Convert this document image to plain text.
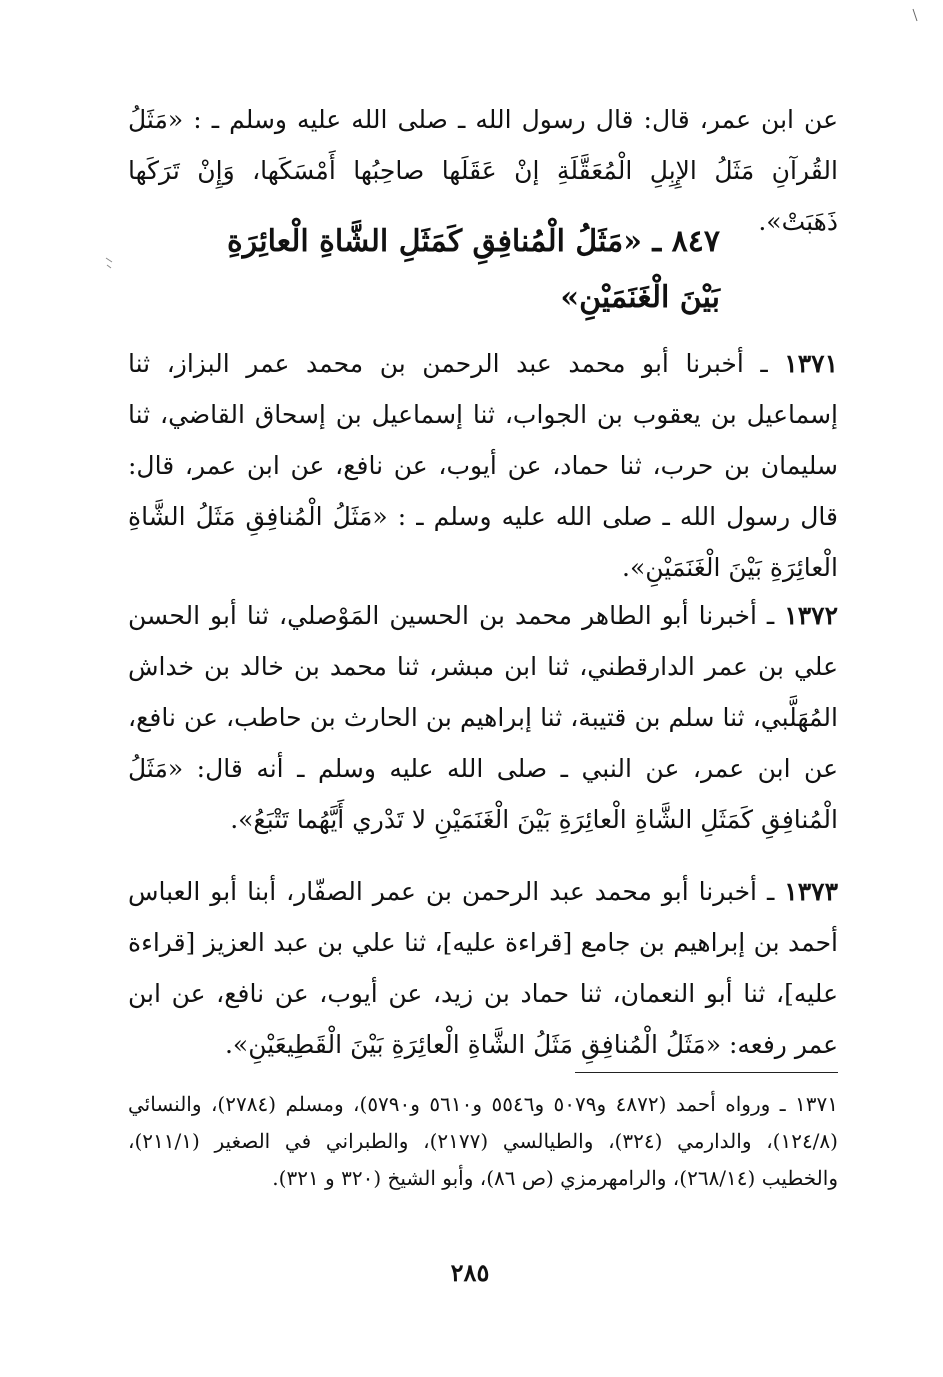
عن ابن عمر، قال: قال رسول الله ـ صلى الله عليه وسلم ـ : «مَثَلُ القُرآنِ مَثَلُ الإِبِلِ الْمُعَقَّلَةِ إنْ عَقَلَها صاحِبُها أَمْسَكَها، وَإِنْ تَرَكَها ذَهَبَتْ».
٨٤٧ ـ «مَثَلُ الْمُنافِقِ كَمَثَلِ الشَّاةِ الْعائِرَةِ بَيْنَ الْغَنَمَيْنِ»
١٣٧١ ـ أخبرنا أبو محمد عبد الرحمن بن محمد عمر البزاز، ثنا إسماعيل بن يعقوب بن الجواب، ثنا إسماعيل بن إسحاق القاضي، ثنا سليمان بن حرب، ثنا حماد، عن أيوب، عن نافع، عن ابن عمر، قال: قال رسول الله ـ صلى الله عليه وسلم ـ : «مَثَلُ الْمُنافِقِ مَثَلُ الشَّاةِ الْعائِرَةِ بَيْنَ الْغَنَمَيْنِ».
١٣٧٢ ـ أخبرنا أبو الطاهر محمد بن الحسين المَوْصلي، ثنا أبو الحسن علي بن عمر الدارقطني، ثنا ابن مبشر، ثنا محمد بن خالد بن خداش المُهَلَّبي، ثنا سلم بن قتيبة، ثنا إبراهيم بن الحارث بن حاطب، عن نافع، عن ابن عمر، عن النبي ـ صلى الله عليه وسلم ـ أنه قال: «مَثَلُ الْمُنافِقِ كَمَثَلِ الشَّاةِ الْعائِرَةِ بَيْنَ الْغَنَمَيْنِ لا تَدْري أَيَّهُما تَتْبَعُ».
١٣٧٣ ـ أخبرنا أبو محمد عبد الرحمن بن عمر الصفّار، أبنا أبو العباس أحمد بن إبراهيم بن جامع [قراءة عليه]، ثنا علي بن عبد العزيز [قراءة عليه]، ثنا أبو النعمان، ثنا حماد بن زيد، عن أيوب، عن نافع، عن ابن عمر رفعه: «مَثَلُ الْمُنافِقِ مَثَلُ الشَّاةِ الْعائِرَةِ بَيْنَ الْقَطِيعَيْنِ».
١٣٧١ ـ ورواه أحمد (٤٨٧٢ و٥٠٧٩ و٥٥٤٦ و٥٦١٠ و٥٧٩٠)، ومسلم (٢٧٨٤)، والنسائي (١٢٤/٨)، والدارمي (٣٢٤)، والطيالسي (٢١٧٧)، والطبراني في الصغير (٢١١/١)، والخطيب (٢٦٨/١٤)، والرامهرمزي (ص ٨٦)، وأبو الشيخ (٣٢٠ و ٣٢١).
٢٨٥
